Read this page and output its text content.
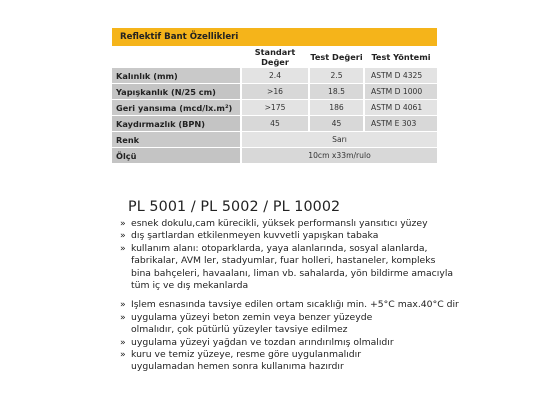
Reflektif Bant Özellikleri						
		Standart Değer		Test Değeri		Test Yöntemi
Kalınlık (mm)		2.4		2.5		ASTM D 4325
Yapışkanlık (N/25 cm)		>16		18.5		ASTM D 1000
Geri yansıma (mcd/lx.m²)		>175		186		ASTM D 4061
Kaydırmazlık (BPN)		45		45		ASTM E 303
Renk		Sarı				
Ölçü		10cm x33m/rulo				
PL 5001 / PL 5002 / PL 10002
» esnek dokulu,cam kürecikli, yüksek performanslı yansıtıcı yüzey
» dış şartlardan etkilenmeyen kuvvetli yapışkan tabaka
» kullanım alanı: otoparklarda, yaya alanlarında, sosyal alanlarda,
fabrikalar, AVM ler, stadyumlar, fuar holleri, hastaneler, kompleks
bina bahçeleri, havaalanı, liman vb. sahalarda, yön bildirme amacıyla
tüm iç ve dış mekanlarda
» Işlem esnasında tavsiye edilen ortam sıcaklığı min. +5°C max.40°C dir
» uygulama yüzeyi beton zemin veya benzer yüzeyde
olmalıdır, çok pütürlü yüzeyler tavsiye edilmez
» uygulama yüzeyi yağdan ve tozdan arındırılmış olmalıdır
» kuru ve temiz yüzeye, resme göre uygulanmalıdır
uygulamadan hemen sonra kullanıma hazırdır
